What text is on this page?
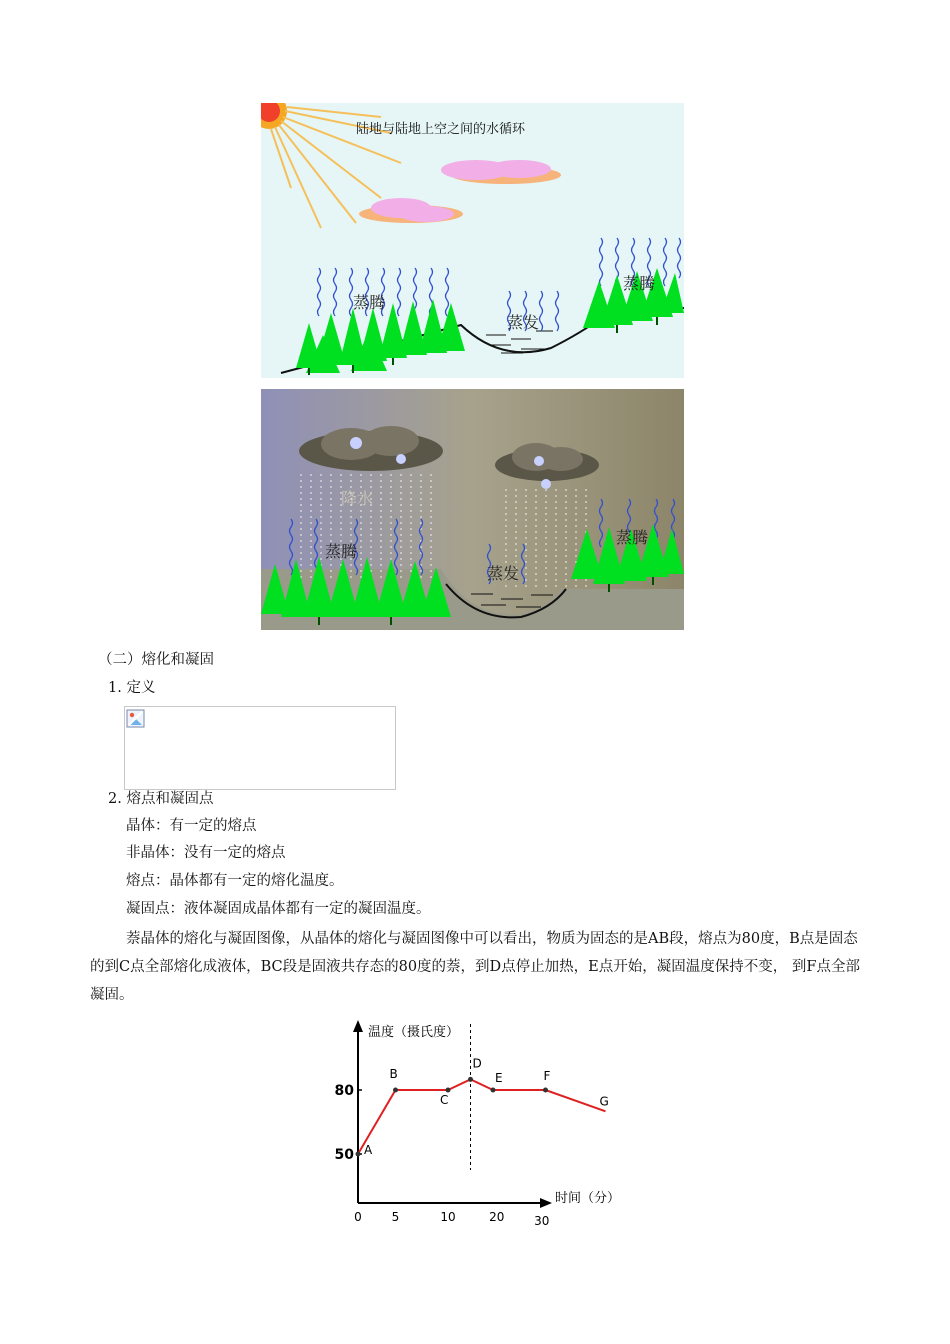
陆地与陆地上空之间的水循环
蒸腾
蒸发
蒸腾
降水
蒸腾
蒸发
蒸腾
（二）熔化和凝固
1. 定义
2. 熔点和凝固点
晶体：有一定的熔点
非晶体：没有一定的熔点
熔点：晶体都有一定的熔化温度。
凝固点：液体凝固成晶体都有一定的凝固温度。
萘晶体的熔化与凝固图像，从晶体的熔化与凝固图像中可以看出，物质为固态的是AB段，熔点为80度，B点是固态的到C点全部熔化成液体，BC段是固液共存态的80度的萘，到D点停止加热，E点开始，凝固温度保持不变， 到F点全部凝固。
温度（摄氏度）
时间（分）
0 5	10	20 30
80
50 A
B
C
D
E	F
G
